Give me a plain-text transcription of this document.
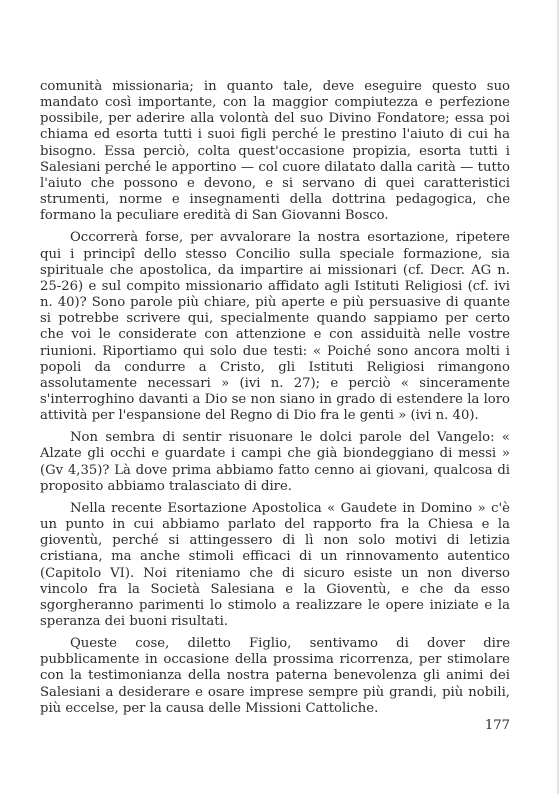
comunità missionaria; in quanto tale, deve eseguire questo suo mandato così importante, con la maggior compiutezza e perfezione possibile, per aderire alla volontà del suo Divino Fondatore; essa poi chiama ed esorta tutti i suoi figli perché le prestino l'aiuto di cui ha bisogno. Essa perciò, colta quest'occasione propizia, esorta tutti i Salesiani perché le apportino — col cuore dilatato dalla carità — tutto l'aiuto che possono e devono, e si servano di quei caratteristici strumenti, norme e insegnamenti della dottrina pedagogica, che formano la peculiare eredità di San Giovanni Bosco.

Occorrerà forse, per avvalorare la nostra esortazione, ripetere qui i principî dello stesso Concilio sulla speciale formazione, sia spirituale che apostolica, da impartire ai missionari (cf. Decr. AG n. 25-26) e sul compito missionario affidato agli Istituti Religiosi (cf. ivi n. 40)? Sono parole più chiare, più aperte e più persuasive di quante si potrebbe scrivere qui, specialmente quando sappiamo per certo che voi le considerate con attenzione e con assiduità nelle vostre riunioni. Riportiamo qui solo due testi: « Poiché sono ancora molti i popoli da condurre a Cristo, gli Istituti Religiosi rimangono assolutamente necessari » (ivi n. 27); e perciò « sinceramente s'interroghino davanti a Dio se non siano in grado di estendere la loro attività per l'espansione del Regno di Dio fra le genti » (ivi n. 40).

Non sembra di sentir risuonare le dolci parole del Vangelo: « Alzate gli occhi e guardate i campi che già biondeggiano di messi » (Gv 4,35)? Là dove prima abbiamo fatto cenno ai giovani, qualcosa di proposito abbiamo tralasciato di dire.

Nella recente Esortazione Apostolica « Gaudete in Domino » c'è un punto in cui abbiamo parlato del rapporto fra la Chiesa e la gioventù, perché si attingessero di lì non solo motivi di letizia cristiana, ma anche stimoli efficaci di un rinnovamento autentico (Capitolo VI). Noi riteniamo che di sicuro esiste un non diverso vincolo fra la Società Salesiana e la Gioventù, e che da esso sgorgheranno parimenti lo stimolo a realizzare le opere iniziate e la speranza dei buoni risultati.

Queste cose, diletto Figlio, sentivamo di dover dire pubblicamente in occasione della prossima ricorrenza, per stimolare con la testimonianza della nostra paterna benevolenza gli animi dei Salesiani a desiderare e osare imprese sempre più grandi, più nobili, più eccelse, per la causa delle Missioni Cattoliche.

177
